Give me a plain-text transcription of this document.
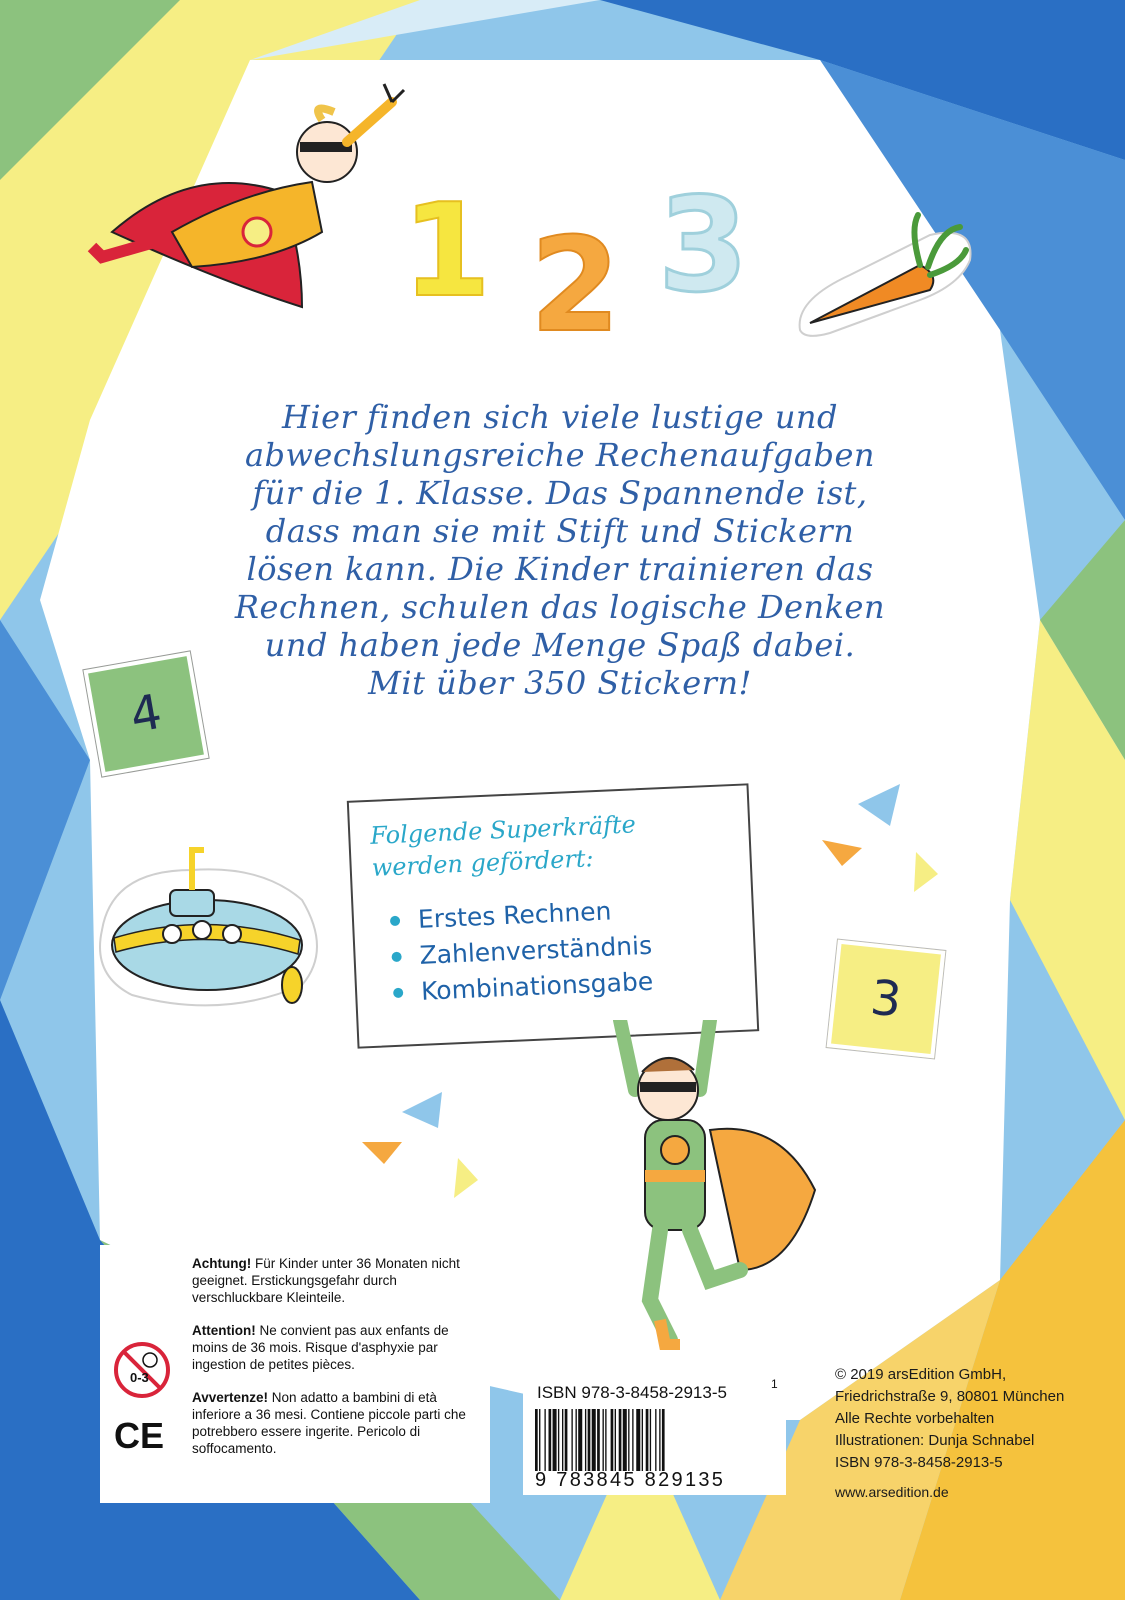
1 2 3
Hier finden sich viele lustige und
abwechslungsreiche Rechenaufgaben
für die 1. Klasse. Das Spannende ist,
dass man sie mit Stift und Stickern
lösen kann. Die Kinder trainieren das
Rechnen, schulen das logische Denken
und haben jede Menge Spaß dabei.
Mit über 350 Stickern!
4
Folgende Superkräfte
werden gefördert:
Erstes Rechnen
Zahlenverständnis
Kombinationsgabe	3
0-3
CE
Achtung! Für Kinder unter 36 Monaten nicht geeignet. Erstickungsgefahr durch verschluckbare Kleinteile.
Attention! Ne convient pas aux enfants de moins de 36 mois. Risque d'asphyxie par ingestion de petites pièces.
Avvertenze! Non adatto a bambini di età inferiore a 36 mesi. Contiene piccole parti che potrebbero essere ingerite. Pericolo di soffocamento.
ISBN 978-3-8458-2913-5	1
9 783845 829135
© 2019 arsEdition GmbH,
Friedrichstraße 9, 80801 München
Alle Rechte vorbehalten
Illustrationen: Dunja Schnabel
ISBN 978-3-8458-2913-5
www.arsedition.de
